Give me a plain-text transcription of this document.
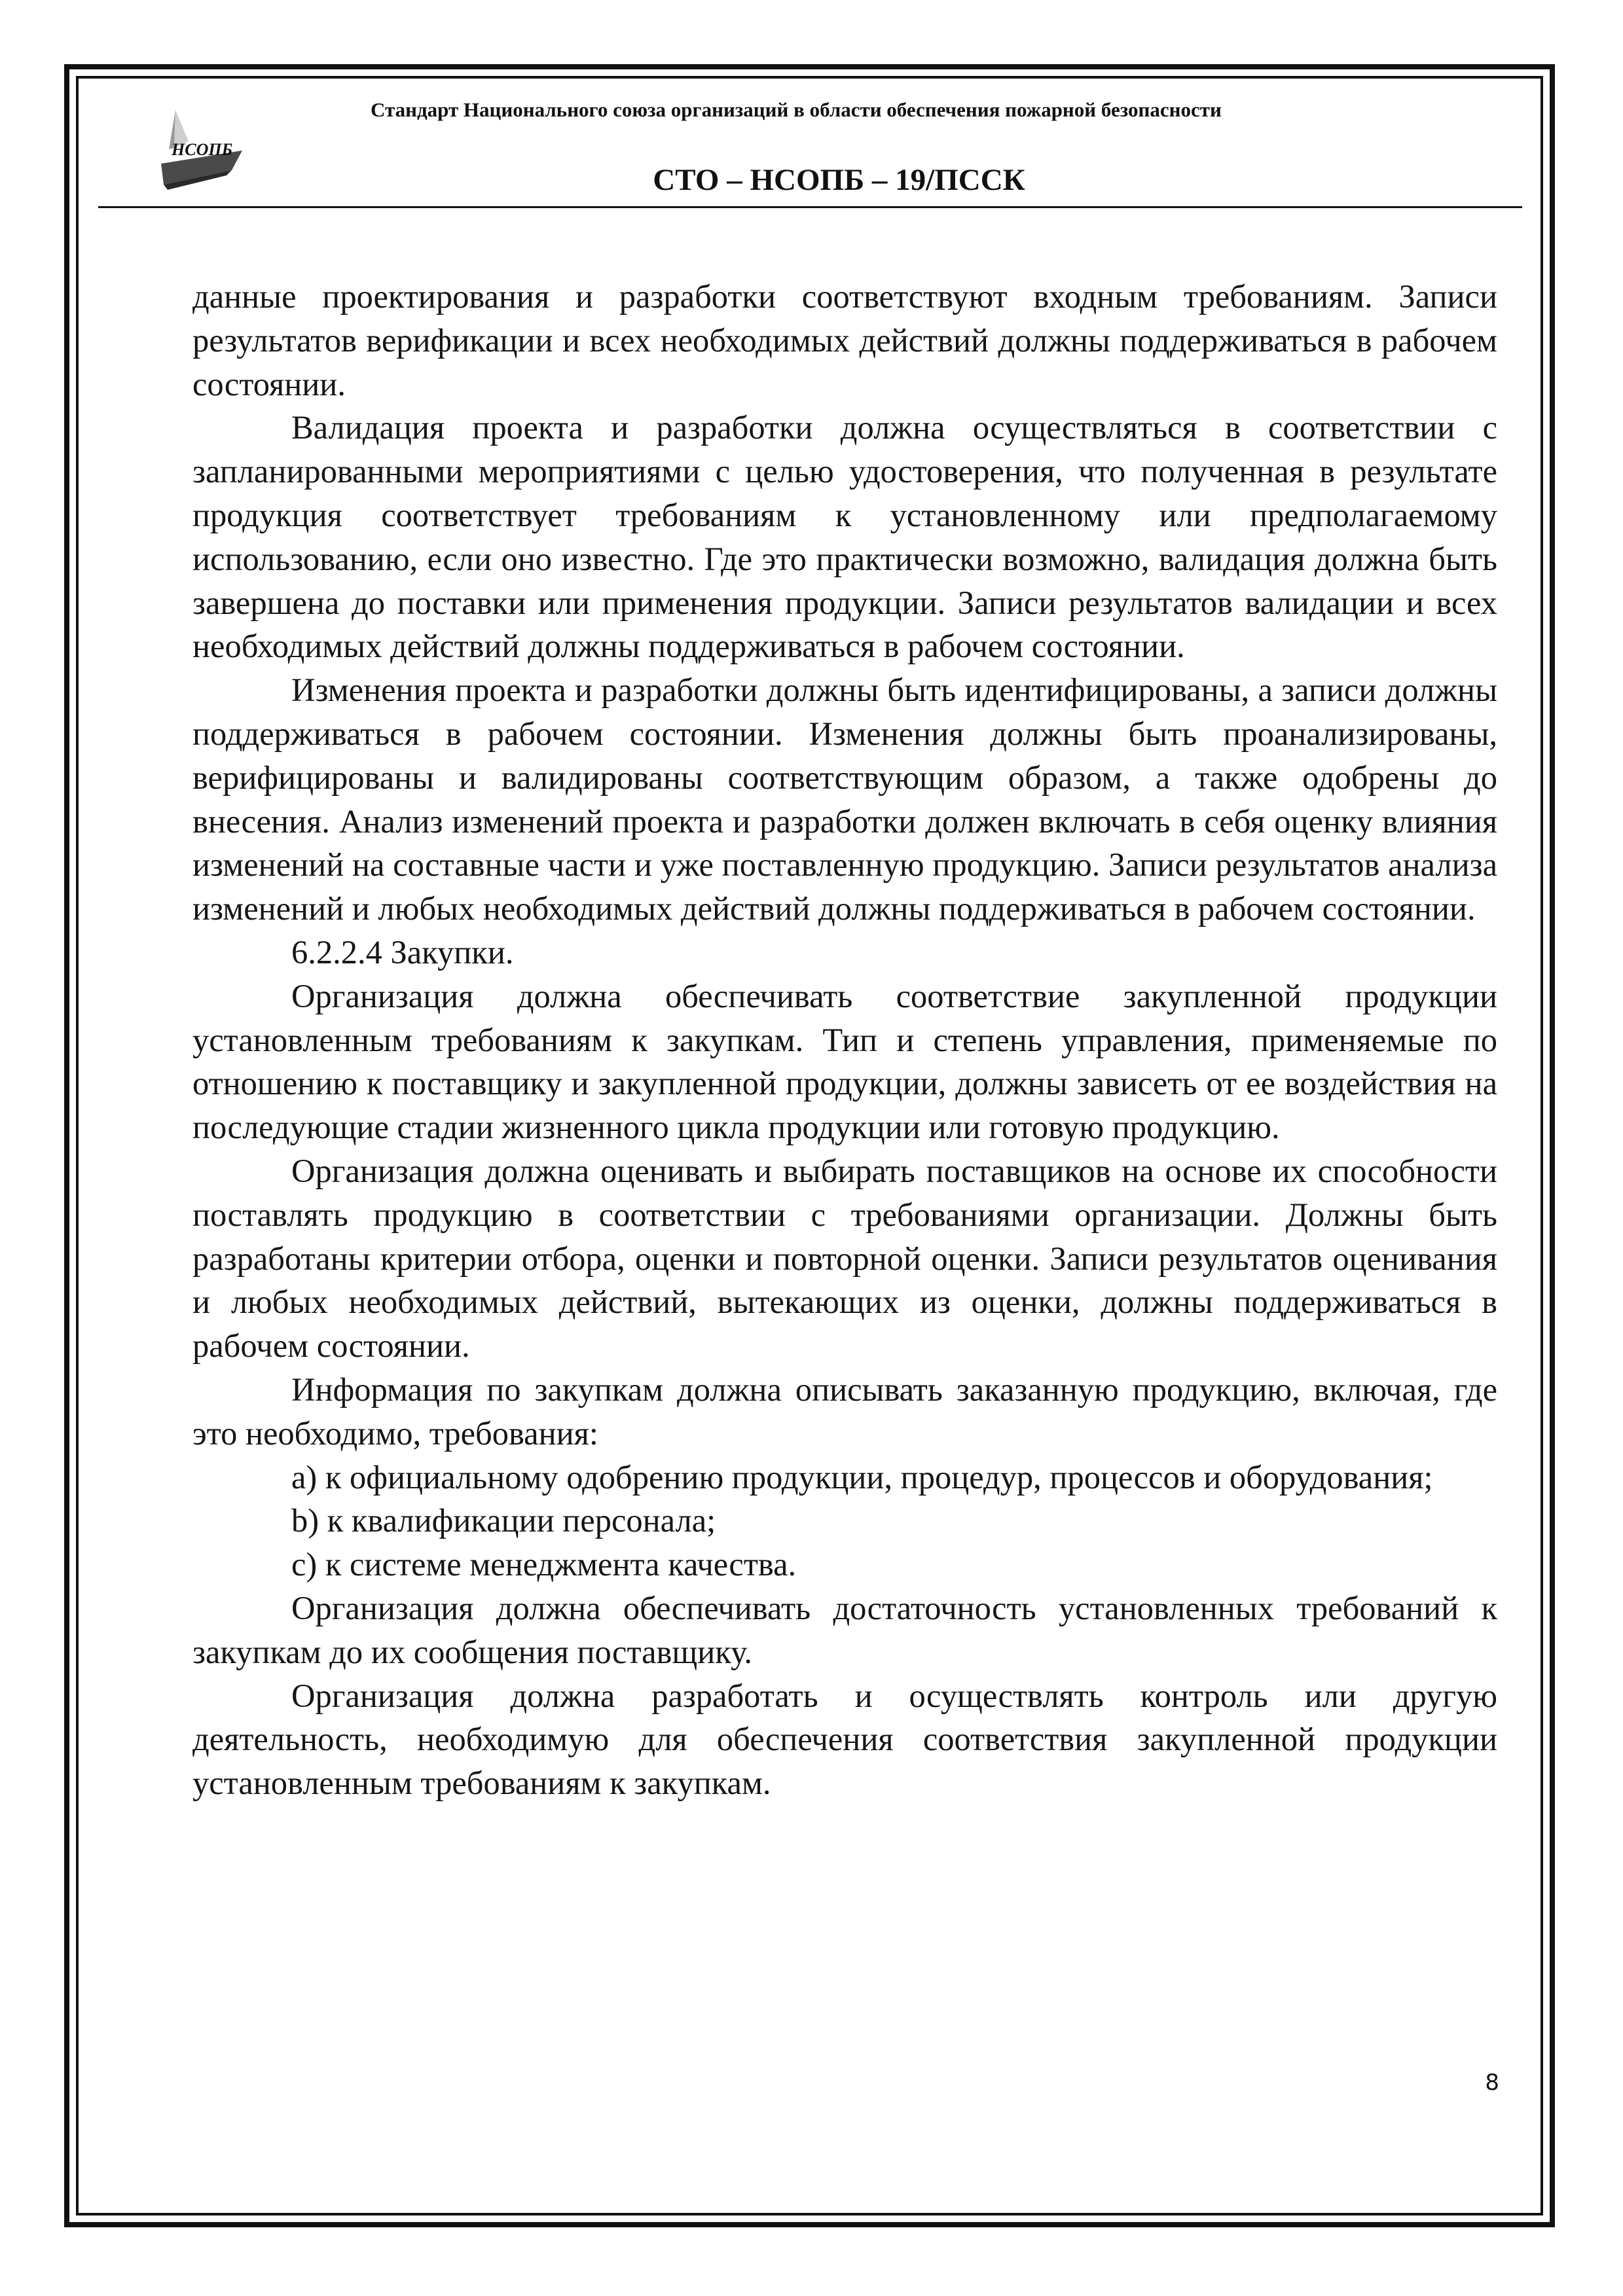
НСОПБ
Стандарт Национального союза организаций в области обеспечения пожарной безопасности
СТО – НСОПБ – 19/ПССК

данные проектирования и разработки соответствуют входным требованиям. Записи результатов верификации и всех необходимых действий должны поддерживаться в рабочем состоянии.

Валидация проекта и разработки должна осуществляться в соответствии с запланированными мероприятиями с целью удостоверения, что полученная в результате продукция соответствует требованиям к установленному или предполагаемому использованию, если оно известно. Где это практически возможно, валидация должна быть завершена до поставки или применения продукции. Записи результатов валидации и всех необходимых действий должны поддерживаться в рабочем состоянии.

Изменения проекта и разработки должны быть идентифицированы, а записи должны поддерживаться в рабочем состоянии. Изменения должны быть проанализированы, верифицированы и валидированы соответствующим образом, а также одобрены до внесения. Анализ изменений проекта и разработки должен включать в себя оценку влияния изменений на составные части и уже поставленную продукцию. Записи результатов анализа изменений и любых необходимых действий должны поддерживаться в рабочем состоянии.

6.2.2.4 Закупки.

Организация должна обеспечивать соответствие закупленной продукции установленным требованиям к закупкам. Тип и степень управления, применяемые по отношению к поставщику и закупленной продукции, должны зависеть от ее воздействия на последующие стадии жизненного цикла продукции или готовую продукцию.

Организация должна оценивать и выбирать поставщиков на основе их способности поставлять продукцию в соответствии с требованиями организации. Должны быть разработаны критерии отбора, оценки и повторной оценки. Записи результатов оценивания и любых необходимых действий, вытекающих из оценки, должны поддерживаться в рабочем состоянии.

Информация по закупкам должна описывать заказанную продукцию, включая, где это необходимо, требования:

a) к официальному одобрению продукции, процедур, процессов и оборудования;

b) к квалификации персонала;

c) к системе менеджмента качества.

Организация должна обеспечивать достаточность установленных требований к закупкам до их сообщения поставщику.

Организация должна разработать и осуществлять контроль или другую деятельность, необходимую для обеспечения соответствия закупленной продукции установленным требованиям к закупкам.

8
